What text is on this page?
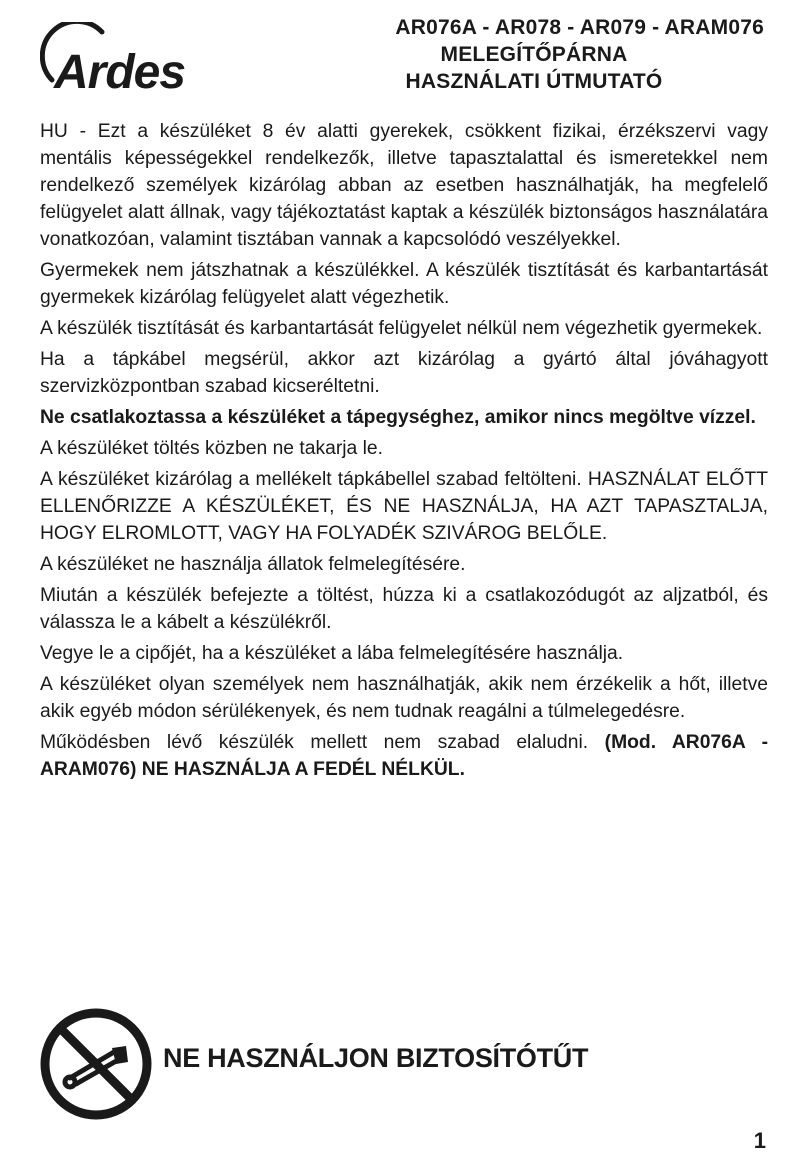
Ardes
AR076A - AR078 - AR079 - ARAM076
MELEGÍTŐPÁRNA
HASZNÁLATI ÚTMUTATÓ

HU - Ezt a készüléket 8 év alatti gyerekek, csökkent fizikai, érzékszervi vagy mentális képességekkel rendelkezők, illetve tapasztalattal és ismeretekkel nem rendelkező személyek kizárólag abban az esetben használhatják, ha megfelelő felügyelet alatt állnak, vagy tájékoztatást kaptak a készülék biztonságos használatára vonatkozóan, valamint tisztában vannak a kapcsolódó veszélyekkel.

Gyermekek nem játszhatnak a készülékkel. A készülék tisztítását és karbantartását gyermekek kizárólag felügyelet alatt végezhetik.

A készülék tisztítását és karbantartását felügyelet nélkül nem végezhetik gyermekek.

Ha a tápkábel megsérül, akkor azt kizárólag a gyártó által jóváhagyott szervizközpontban szabad kicseréltetni.

Ne csatlakoztassa a készüléket a tápegységhez, amikor nincs megöltve vízzel.

A készüléket töltés közben ne takarja le.

A készüléket kizárólag a mellékelt tápkábellel szabad feltölteni. HASZNÁLAT ELŐTT ELLENŐRIZZE A KÉSZÜLÉKET, ÉS NE HASZNÁLJA, HA AZT TAPASZTALJA, HOGY ELROMLOTT, VAGY HA FOLYADÉK SZIVÁROG BELŐLE.

A készüléket ne használja állatok felmelegítésére.

Miután a készülék befejezte a töltést, húzza ki a csatlakozódugót az aljzatból, és válassza le a kábelt a készülékről.

Vegye le a cipőjét, ha a készüléket a lába felmelegítésére használja.

A készüléket olyan személyek nem használhatják, akik nem érzékelik a hőt, illetve akik egyéb módon sérülékenyek, és nem tudnak reagálni a túlmelegedésre.

Működésben lévő készülék mellett nem szabad elaludni. (Mod. AR076A - ARAM076) NE HASZNÁLJA A FEDÉL NÉLKÜL.

NE HASZNÁLJON BIZTOSÍTÓTŰT
1
